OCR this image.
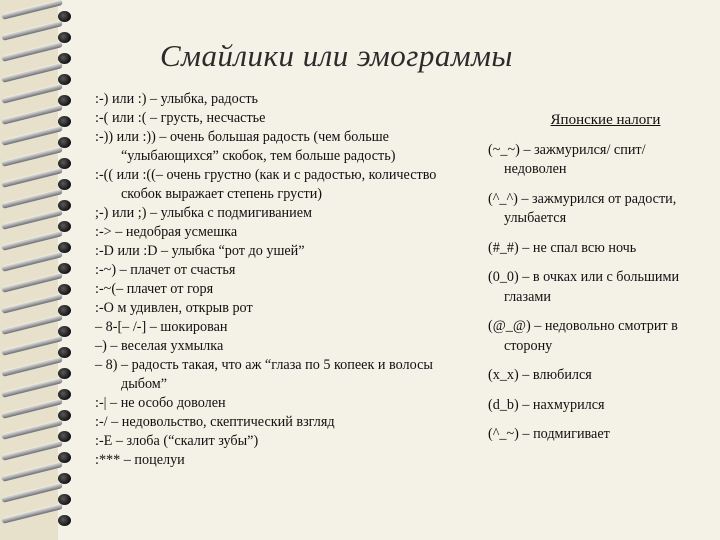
Смайлики или эмограммы
:-) или :) – улыбка, радость
:-( или :( – грусть, несчастье
:-)) или :)) – очень большая радость (чем больше “улыбающихся” скобок, тем больше радость)
:-(( или :((– очень грустно (как и с радостью, количество скобок выражает степень грусти)
;-) или ;) – улыбка с подмигиванием
:-> – недобрая усмешка
:-D или :D – улыбка “рот до ушей”
:-~) – плачет от счастья
:-~(– плачет от горя
:-O м удивлен, открыв рот
– 8-[– /-] – шокирован
–) – веселая ухмылка
– 8) – радость такая, что аж “глаза по 5 копеек и волосы дыбом”
:-| – не особо доволен
:-/ – недовольство, скептический взгляд
:-E – злоба (“скалит зубы”)
:*** – поцелуи
Японские налоги
(~_~) – зажмурился/ спит/ недоволен
(^_^) – зажмурился от радости, улыбается
(#_#) – не спал всю ночь
(0_0) – в очках или с большими глазами
(@_@) – недовольно смотрит в сторону
(x_x) – влюбился
(d_b) – нахмурился
(^_~) – подмигивает
